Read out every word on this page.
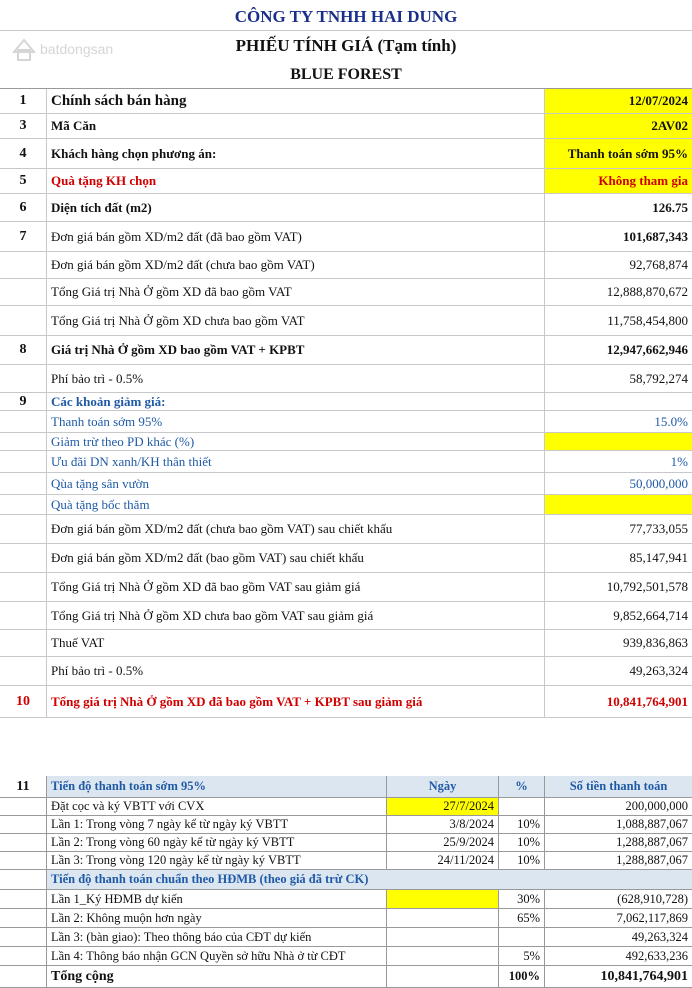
batdongsan
CÔNG TY TNHH HAI DUNG
PHIẾU TÍNH GIÁ (Tạm tính)
BLUE FOREST
1	Chính sách bán hàng	12/07/2024
3	Mã Căn	2AV02
4	Khách hàng chọn phương án:	Thanh toán sớm 95%
5	Quà tặng KH chọn	Không tham gia
6	Diện tích đất (m2)	126.75
7	Đơn giá bán gồm XD/m2 đất (đã bao gồm VAT)	101,687,343
Đơn giá bán gồm XD/m2 đất (chưa bao gồm VAT)	92,768,874
Tổng Giá trị Nhà Ở gồm XD đã bao gồm VAT	12,888,870,672
Tổng Giá trị Nhà Ở gồm XD chưa bao gồm VAT	11,758,454,800
8	Giá trị Nhà Ở gồm XD bao gồm VAT + KPBT	12,947,662,946
Phí bảo trì - 0.5%	58,792,274
9	Các khoản giảm giá:
Thanh toán sớm 95%	15.0%
Giảm trừ theo PD khác (%)
Ưu đãi DN xanh/KH thân thiết	1%
Qùa tặng sân vườn	50,000,000
Quà tặng bốc thăm
Đơn giá bán gồm XD/m2 đất (chưa bao gồm VAT) sau chiết khấu	77,733,055
Đơn giá bán gồm XD/m2 đất (bao gồm VAT) sau chiết khấu	85,147,941
Tổng Giá trị Nhà Ở gồm XD đã bao gồm VAT sau giảm giá	10,792,501,578
Tổng Giá trị Nhà Ở gồm XD chưa bao gồm VAT sau giảm giá	9,852,664,714
Thuế VAT	939,836,863
Phí bảo trì - 0.5%	49,263,324
10	Tổng giá trị Nhà Ở gồm XD đã bao gồm VAT + KPBT sau giảm giá	10,841,764,901
11	Tiến độ thanh toán sớm 95%	Ngày	%	Số tiền thanh toán
Đặt cọc và ký VBTT với CVX	27/7/2024	200,000,000
Lần 1: Trong vòng 7 ngày kể từ ngày ký VBTT	3/8/2024	10%	1,088,887,067
Lần 2: Trong vòng 60 ngày kể từ ngày ký VBTT	25/9/2024	10%	1,288,887,067
Lần 3: Trong vòng 120 ngày kể từ ngày ký VBTT	24/11/2024	10%	1,288,887,067
Tiến độ thanh toán chuẩn theo HĐMB (theo giá đã trừ CK)
Lần 1_Ký HĐMB dự kiến	30%	(628,910,728)
Lần 2: Không muộn hơn ngày	65%	7,062,117,869
Lần 3: (bàn giao): Theo thông báo của CĐT dự kiến	49,263,324
Lần 4: Thông báo nhận GCN Quyền sở hữu Nhà ở từ CĐT	5%	492,633,236
Tổng cộng	100%	10,841,764,901
